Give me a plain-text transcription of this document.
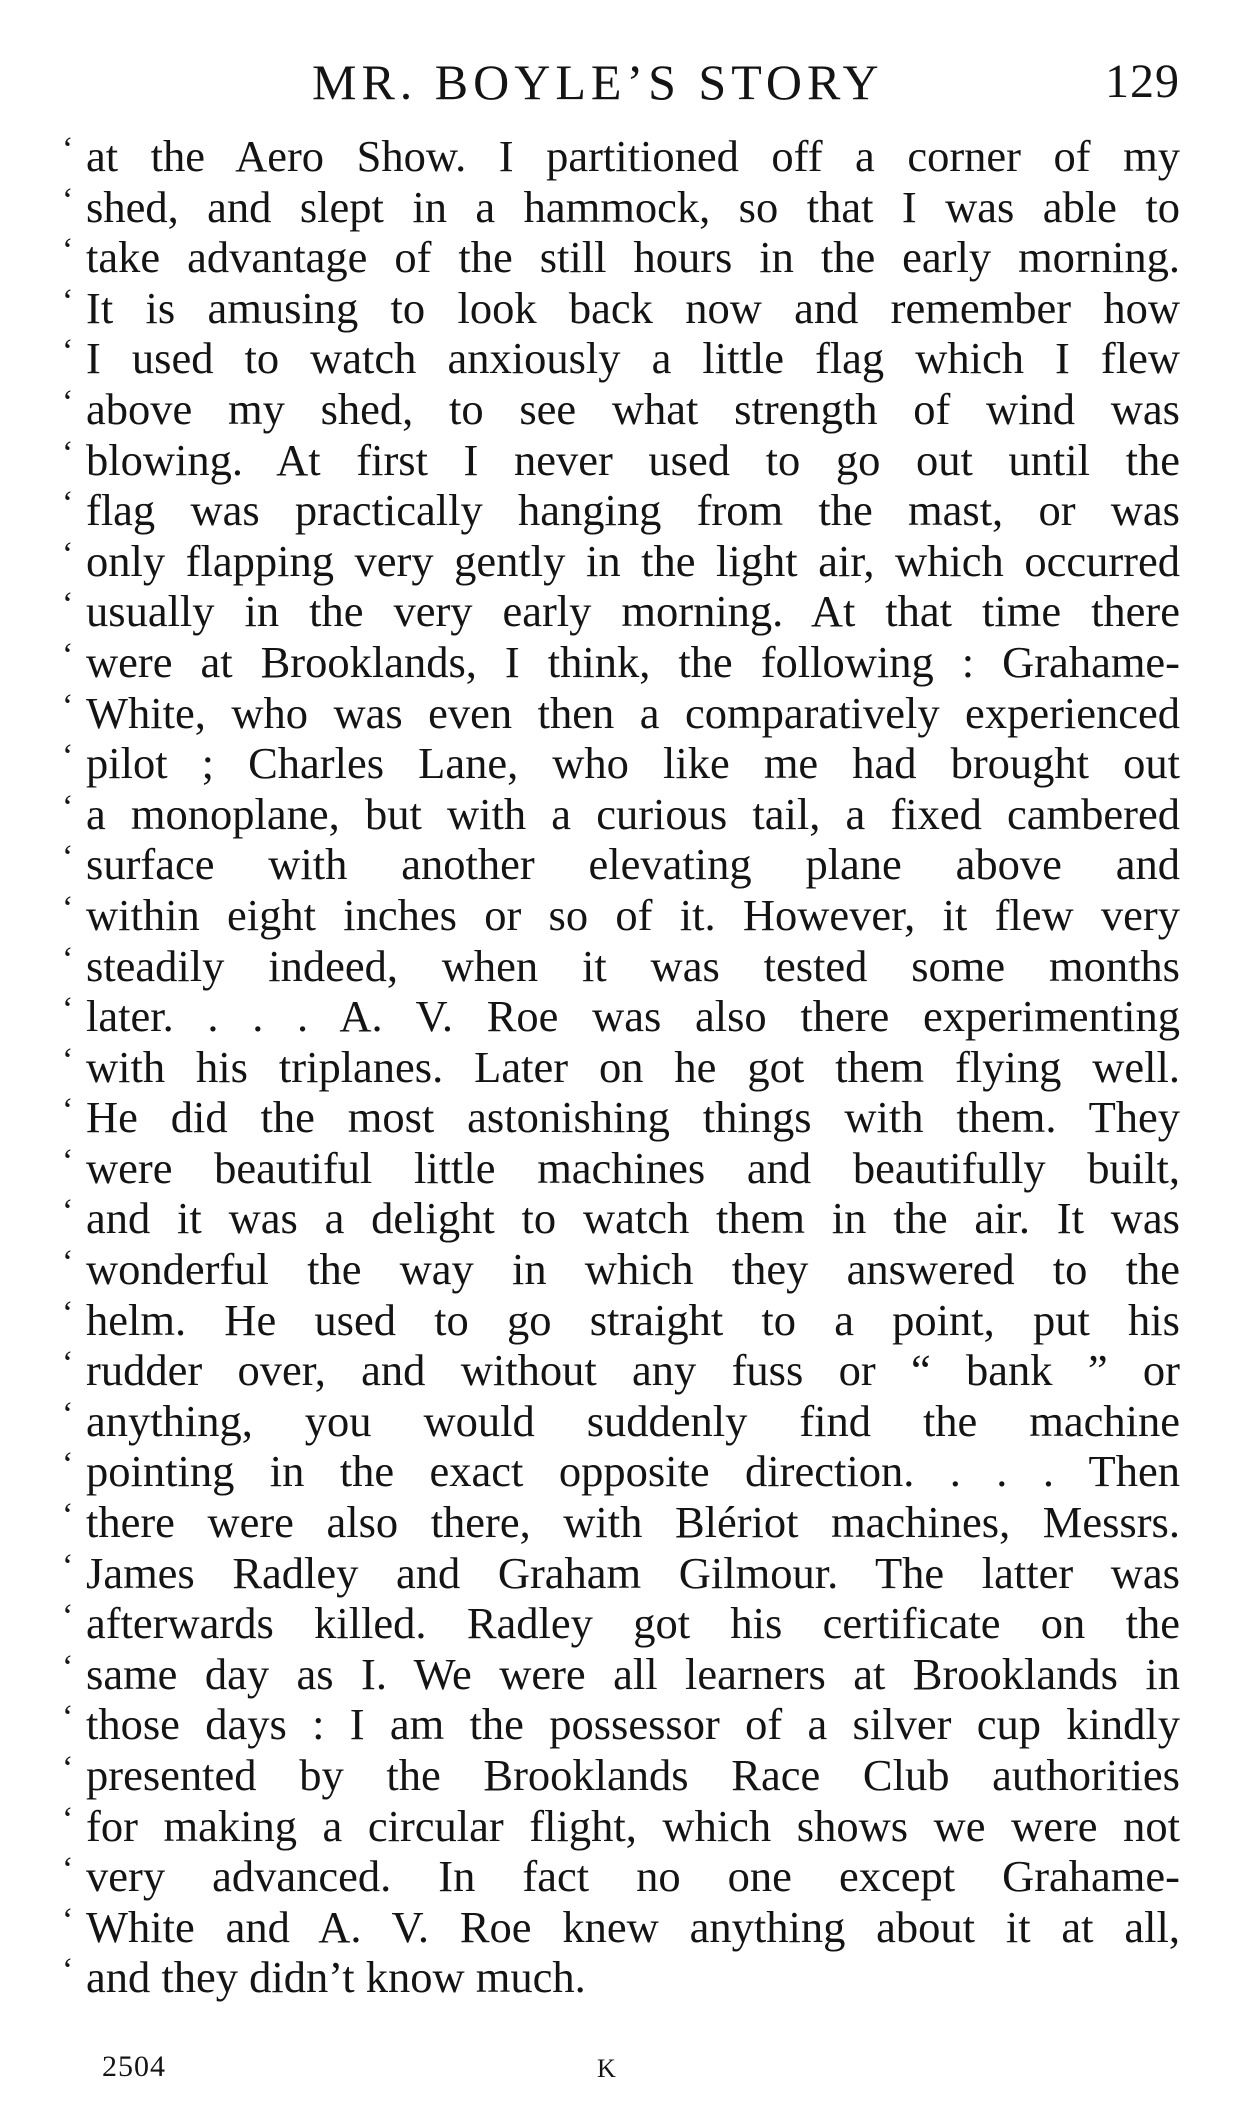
MR. BOYLE’S STORY	129
‘ at the Aero Show. I partitioned off a corner of my
‘ shed, and slept in a hammock, so that I was able to
‘ take advantage of the still hours in the early morning.
‘ It is amusing to look back now and remember how
‘ I used to watch anxiously a little flag which I flew
‘ above my shed, to see what strength of wind was
‘ blowing. At first I never used to go out until the
‘ flag was practically hanging from the mast, or was
‘ only flapping very gently in the light air, which occurred
‘ usually in the very early morning. At that time there
‘ were at Brooklands, I think, the following : Grahame-
‘ White, who was even then a comparatively experienced
‘ pilot ; Charles Lane, who like me had brought out
‘ a monoplane, but with a curious tail, a fixed cambered
‘ surface with another elevating plane above and
‘ within eight inches or so of it. However, it flew very
‘ steadily indeed, when it was tested some months
‘ later. . . . A. V. Roe was also there experimenting
‘ with his triplanes. Later on he got them flying well.
‘ He did the most astonishing things with them. They
‘ were beautiful little machines and beautifully built,
‘ and it was a delight to watch them in the air. It was
‘ wonderful the way in which they answered to the
‘ helm. He used to go straight to a point, put his
‘ rudder over, and without any fuss or “ bank ” or
‘ anything, you would suddenly find the machine
‘ pointing in the exact opposite direction. . . . Then
‘ there were also there, with Blériot machines, Messrs.
‘ James Radley and Graham Gilmour. The latter was
‘ afterwards killed. Radley got his certificate on the
‘ same day as I. We were all learners at Brooklands in
‘ those days : I am the possessor of a silver cup kindly
‘ presented by the Brooklands Race Club authorities
‘ for making a circular flight, which shows we were not
‘ very advanced. In fact no one except Grahame-
‘ White and A. V. Roe knew anything about it at all,
‘ and they didn’t know much.
2504	K
